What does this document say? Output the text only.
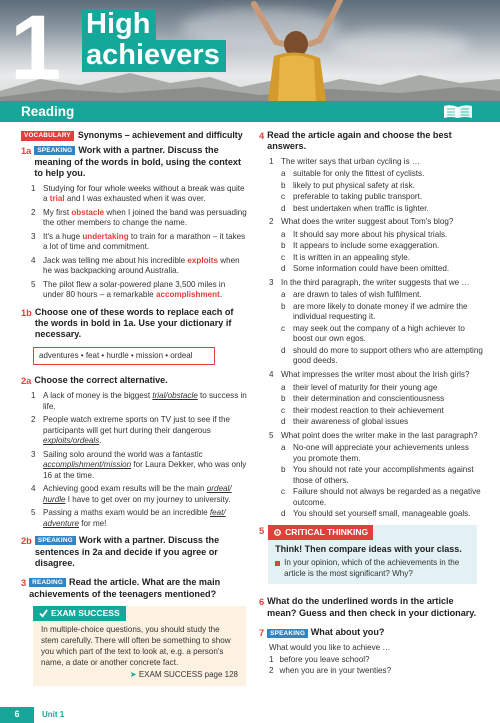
1 High
achievers
Reading
VOCABULARY Synonyms – achievement and difficulty
1a SPEAKING Work with a partner. Discuss the meaning of the words in bold, using the context to help you.
1 Studying for four whole weeks without a break was quite a trial and I was exhausted when it was over.
2 My first obstacle when I joined the band was persuading the other members to change the name.
3 It's a huge undertaking to train for a marathon – it takes a lot of time and commitment.
4 Jack was telling me about his incredible exploits when he was backpacking around Australia.
5 The pilot flew a solar-powered plane 3,500 miles in under 80 hours – a remarkable accomplishment.
1b Choose one of these words to replace each of the words in bold in 1a. Use your dictionary if necessary.
adventures • feat • hurdle • mission • ordeal
2a Choose the correct alternative.
1 A lack of money is the biggest trial/obstacle to success in life.
2 People watch extreme sports on TV just to see if the participants will get hurt during their dangerous exploits/ordeals.
3 Sailing solo around the world was a fantastic accomplishment/mission for Laura Dekker, who was only 16 at the time.
4 Achieving good exam results will be the main ordeal/ hurdle I have to get over on my journey to university.
5 Passing a maths exam would be an incredible feat/ adventure for me!
2b SPEAKING Work with a partner. Discuss the sentences in 2a and decide if you agree or disagree.
3 READING Read the article. What are the main achievements of the teenagers mentioned?
EXAM SUCCESS
In multiple-choice questions, you should study the stem carefully. There will often be something to show you which part of the text to look at, e.g. a person's name, a date or another concrete fact.
➤ EXAM SUCCESS page 128
4 Read the article again and choose the best answers.
1 The writer says that urban cycling is …
a suitable for only the fittest of cyclists.
b likely to put physical safety at risk.
c preferable to taking public transport.
d best undertaken when traffic is lighter.
2 What does the writer suggest about Tom's blog?
a It should say more about his physical trials.
b It appears to include some exaggeration.
c It is written in an appealing style.
d Some information could have been omitted.
3 In the third paragraph, the writer suggests that we …
a are drawn to tales of wish fulfilment.
b are more likely to donate money if we admire the individual requesting it.
c may seek out the company of a high achiever to boost our own egos.
d should do more to support others who are attempting good deeds.
4 What impresses the writer most about the Irish girls?
a their level of maturity for their young age
b their determination and conscientiousness
c their modest reaction to their achievement
d their awareness of global issues
5 What point does the writer make in the last paragraph?
a No-one will appreciate your achievements unless you promote them.
b You should not rate your accomplishments against those of others.
c Failure should not always be regarded as a negative outcome.
d You should set yourself small, manageable goals.
5 CRITICAL THINKING
Think! Then compare ideas with your class.
In your opinion, which of the achievements in the article is the most significant? Why?
6 What do the underlined words in the article mean? Guess and then check in your dictionary.
7 SPEAKING What about you?
What would you like to achieve …
1 before you leave school?
2 when you are in your twenties?
6	Unit 1
